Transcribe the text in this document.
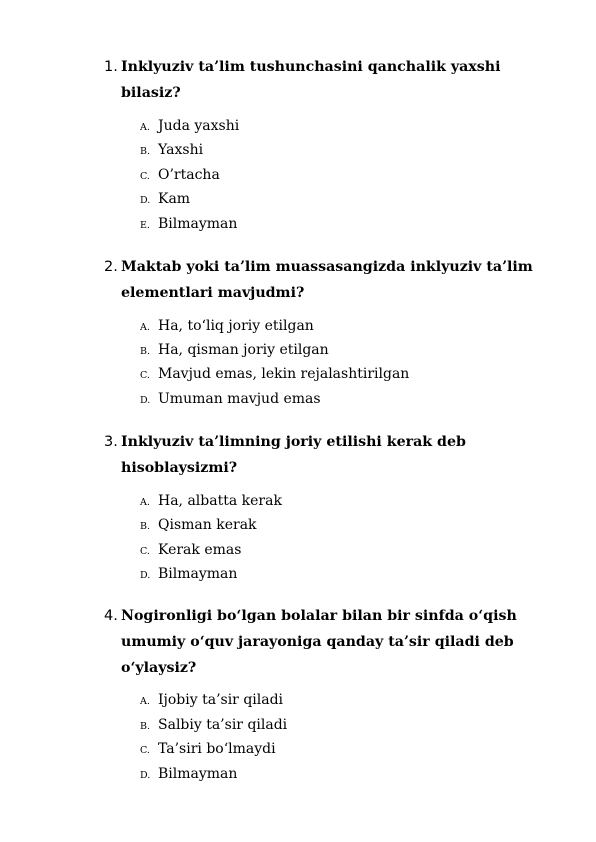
1. Inklyuziv ta’lim tushunchasini qanchalik yaxshi bilasiz?
A. Juda yaxshi
B. Yaxshi
C. O’rtacha
D. Kam
E. Bilmayman
2. Maktab yoki ta’lim muassasangizda inklyuziv ta’lim elementlari mavjudmi?
A. Ha, to‘liq joriy etilgan
B. Ha, qisman joriy etilgan
C. Mavjud emas, lekin rejalashtirilgan
D. Umuman mavjud emas
3. Inklyuziv ta’limning joriy etilishi kerak deb hisoblaysizmi?
A. Ha, albatta kerak
B. Qisman kerak
C. Kerak emas
D. Bilmayman
4. Nogironligi bo‘lgan bolalar bilan bir sinfda o‘qish umumiy o‘quv jarayoniga qanday ta’sir qiladi deb o‘ylaysiz?
A. Ijobiy ta’sir qiladi
B. Salbiy ta’sir qiladi
C. Ta’siri bo‘lmaydi
D. Bilmayman
